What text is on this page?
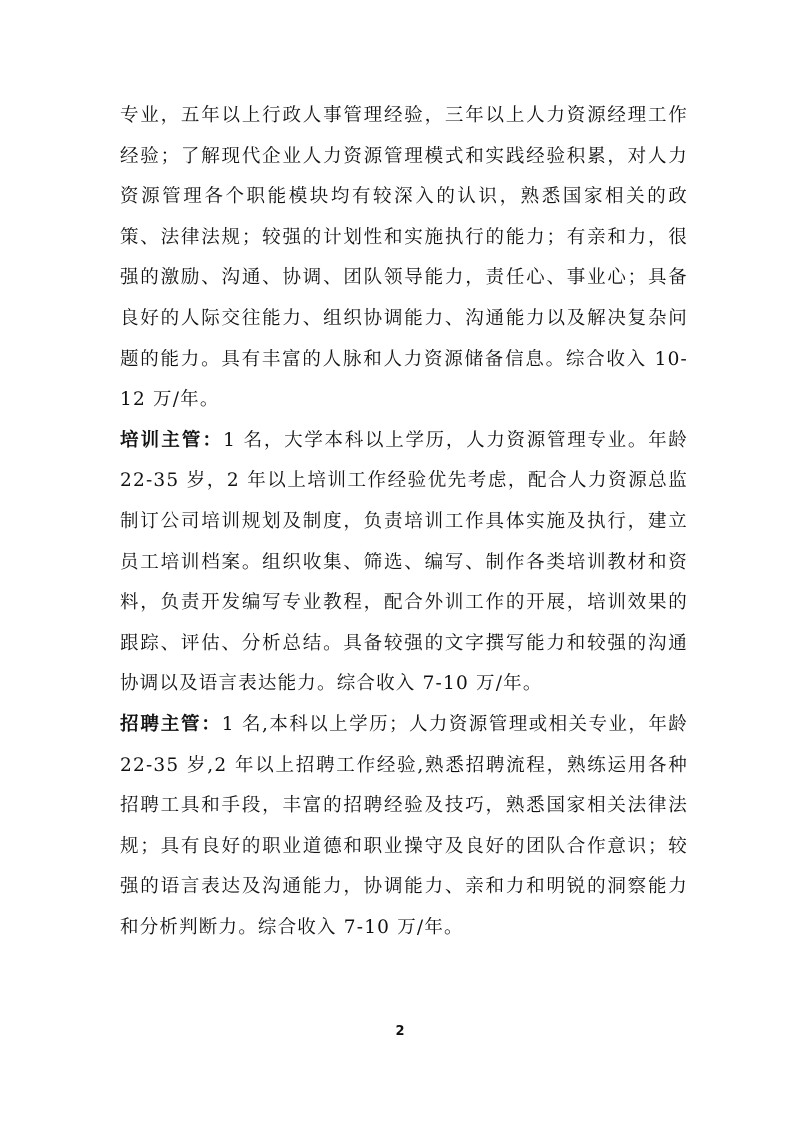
专业，五年以上行政人事管理经验，三年以上人力资源经理工作经验；了解现代企业人力资源管理模式和实践经验积累，对人力资源管理各个职能模块均有较深入的认识，熟悉国家相关的政策、法律法规；较强的计划性和实施执行的能力；有亲和力，很强的激励、沟通、协调、团队领导能力，责任心、事业心；具备良好的人际交往能力、组织协调能力、沟通能力以及解决复杂问题的能力。具有丰富的人脉和人力资源储备信息。综合收入 10-12 万/年。

培训主管：1 名，大学本科以上学历，人力资源管理专业。年龄 22-35 岁，2 年以上培训工作经验优先考虑，配合人力资源总监制订公司培训规划及制度，负责培训工作具体实施及执行，建立员工培训档案。组织收集、筛选、编写、制作各类培训教材和资料，负责开发编写专业教程，配合外训工作的开展，培训效果的跟踪、评估、分析总结。具备较强的文字撰写能力和较强的沟通协调以及语言表达能力。综合收入 7-10 万/年。

招聘主管：1 名,本科以上学历；人力资源管理或相关专业，年龄 22-35 岁,2 年以上招聘工作经验,熟悉招聘流程，熟练运用各种招聘工具和手段，丰富的招聘经验及技巧，熟悉国家相关法律法规；具有良好的职业道德和职业操守及良好的团队合作意识；较强的语言表达及沟通能力，协调能力、亲和力和明锐的洞察能力和分析判断力。综合收入 7-10 万/年。

2
